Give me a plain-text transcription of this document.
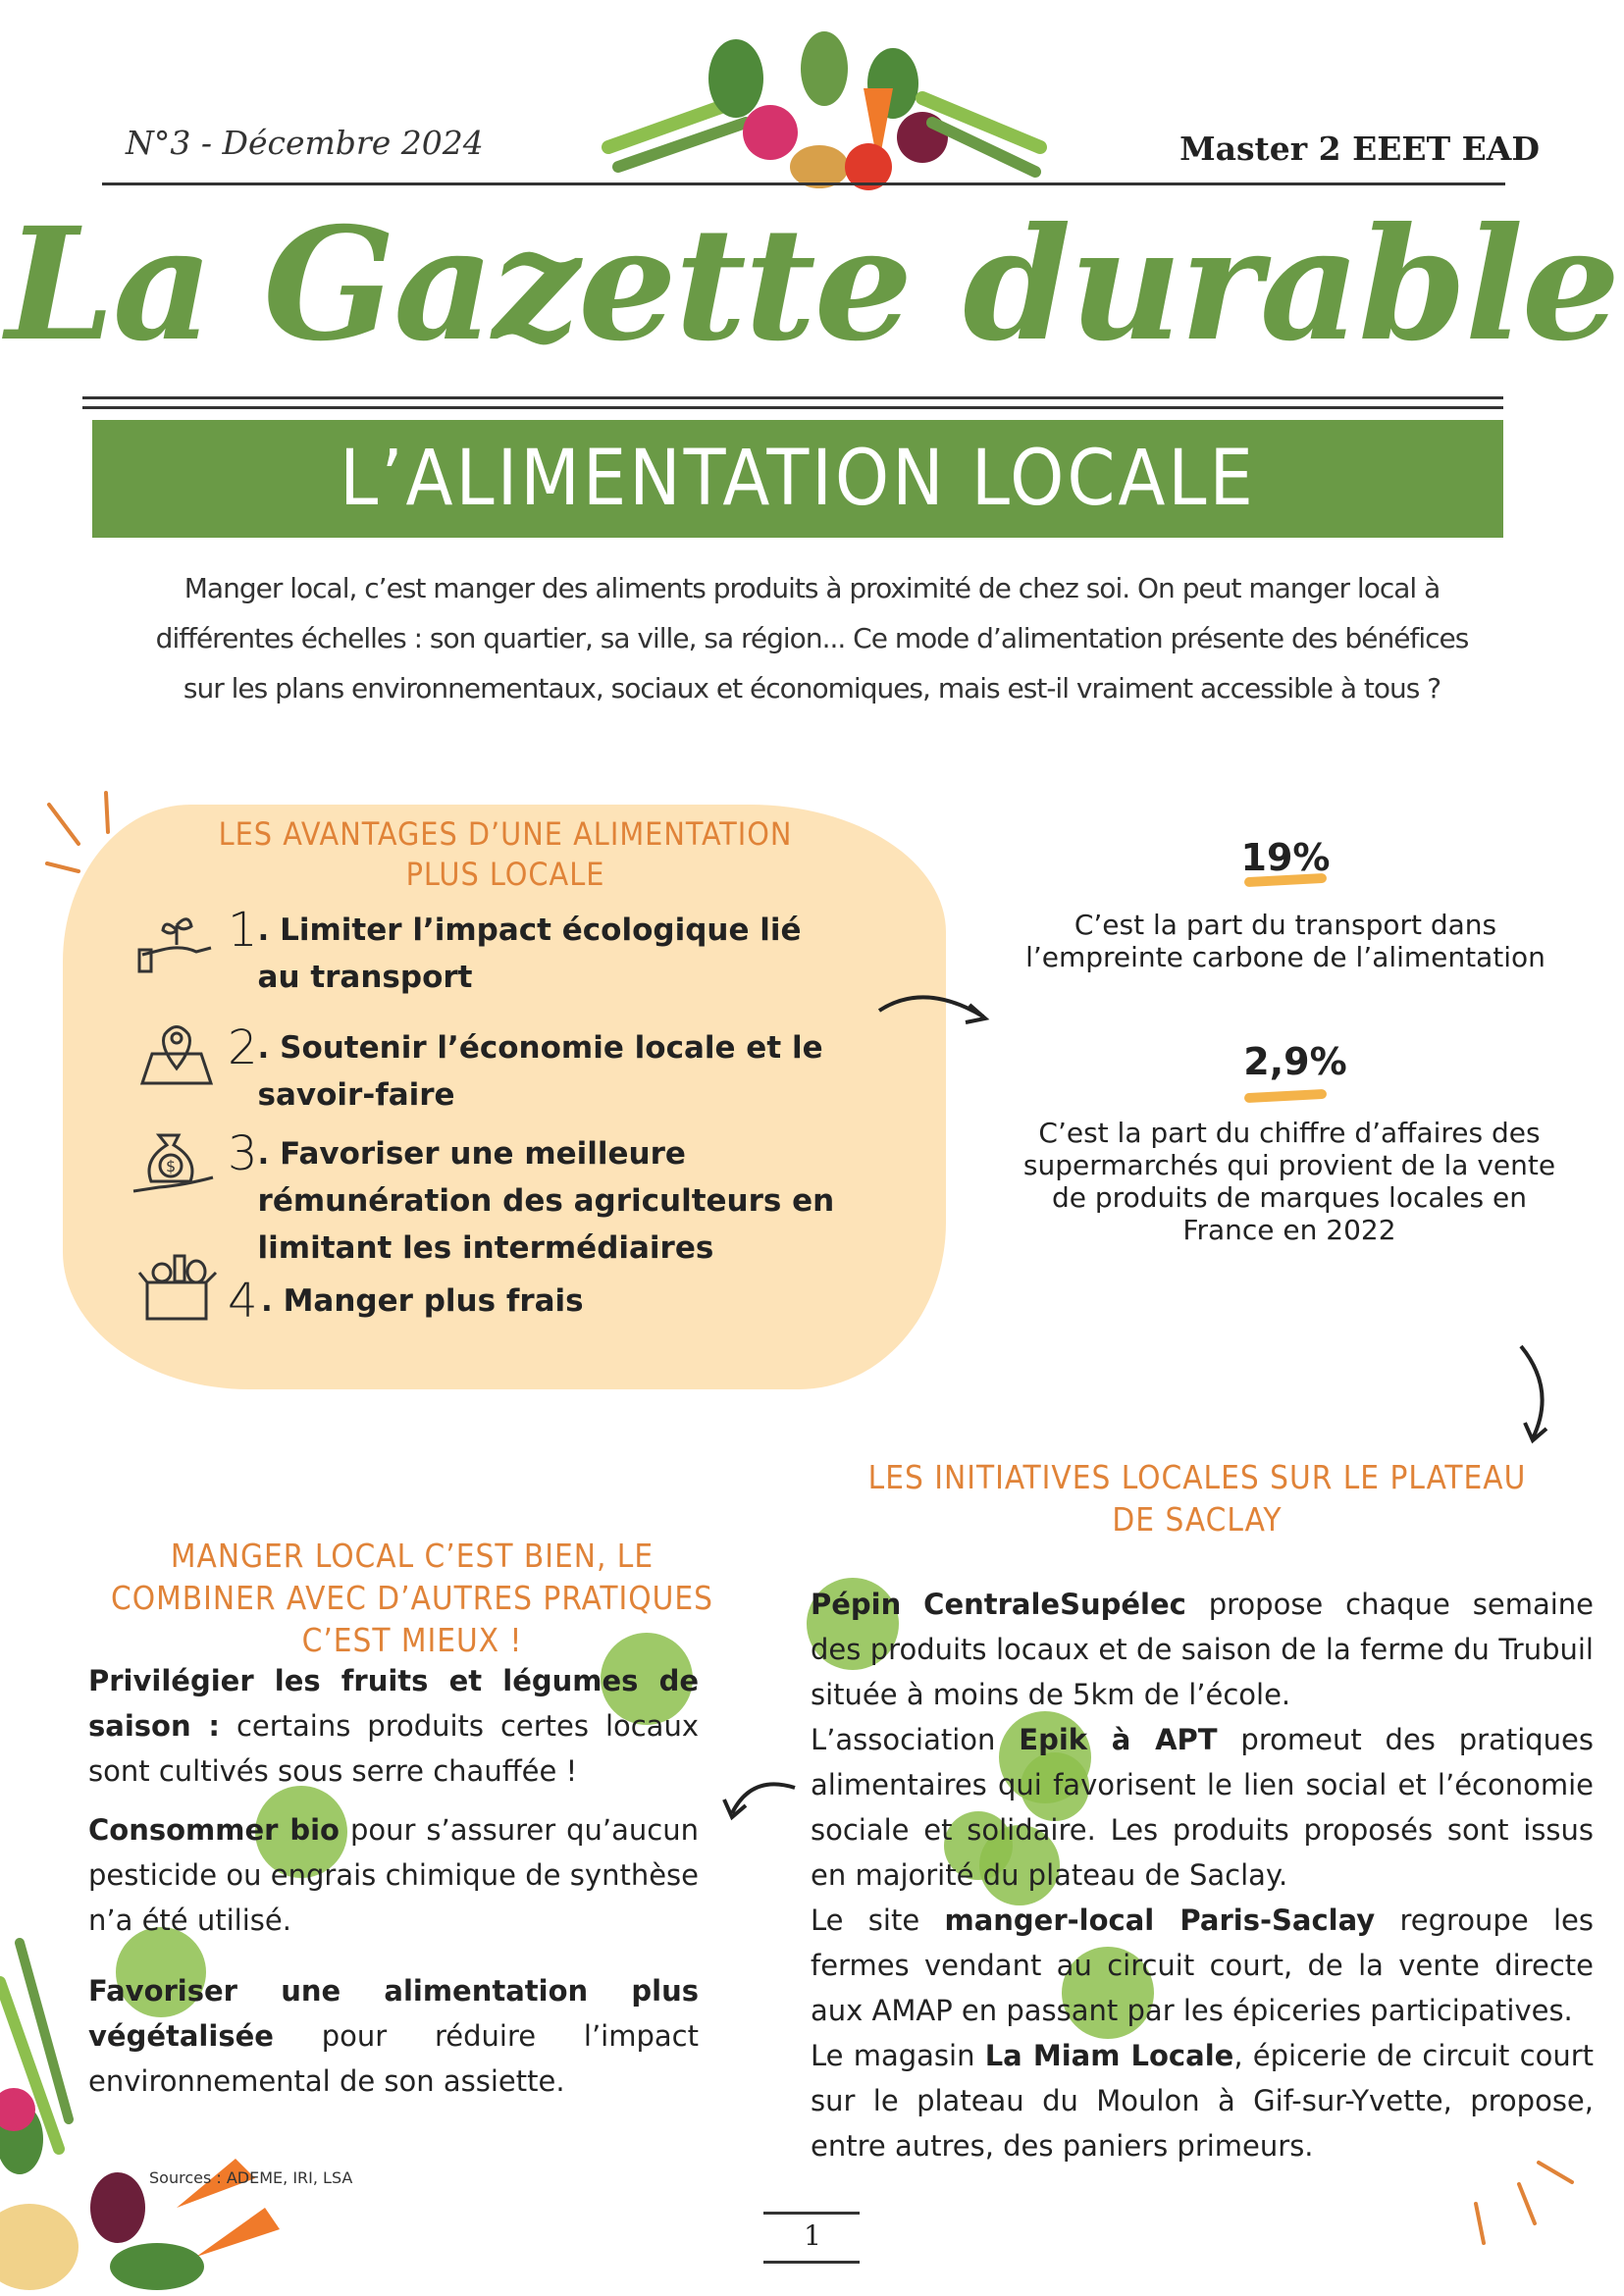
N°3 - Décembre 2024	Master 2 EEET EAD
La Gazette durable
L’ALIMENTATION LOCALE
Manger local, c’est manger des aliments produits à proximité de chez soi. On peut manger local à différentes échelles : son quartier, sa ville, sa région... Ce mode d’alimentation présente des bénéfices sur les plans environnementaux, sociaux et économiques, mais est-il vraiment accessible à tous ?
LES AVANTAGES D’UNE ALIMENTATION
PLUS LOCALE
$
1 . Limiter l’impact écologique lié au transport
2 . Soutenir l’économie locale et le savoir-faire
3 . Favoriser une meilleure rémunération des agriculteurs en limitant les intermédiaires
4 . Manger plus frais
19%
C’est la part du transport dans l’empreinte carbone de l’alimentation
2,9%
C’est la part du chiffre d’affaires des supermarchés qui provient de la vente de produits de marques locales en France en 2022
LES INITIATIVES LOCALES SUR LE PLATEAU DE SACLAY

Pépin CentraleSupélec propose chaque semaine des produits locaux et de saison de la ferme du Trubuil située à moins de 5km de l’école.

L’association Epik à APT promeut des pratiques alimentaires qui favorisent le lien social et l’économie sociale et solidaire. Les produits proposés sont issus en majorité du plateau de Saclay.

Le site manger-local Paris-Saclay regroupe les fermes vendant au circuit court, de la vente directe aux AMAP en passant par les épiceries participatives.

Le magasin La Miam Locale, épicerie de circuit court sur le plateau du Moulon à Gif-sur-Yvette, propose, entre autres, des paniers primeurs.

MANGER LOCAL C’EST BIEN, LE COMBINER AVEC D’AUTRES PRATIQUES C’EST MIEUX !

Privilégier les fruits et légumes de saison : certains produits certes locaux sont cultivés sous serre chauffée !

Consommer bio pour s’assurer qu’aucun pesticide ou engrais chimique de synthèse n’a été utilisé.

Favoriser une alimentation plus végétalisée pour réduire l’impact environnemental de son assiette.

Sources : ADEME, IRI, LSA
1
